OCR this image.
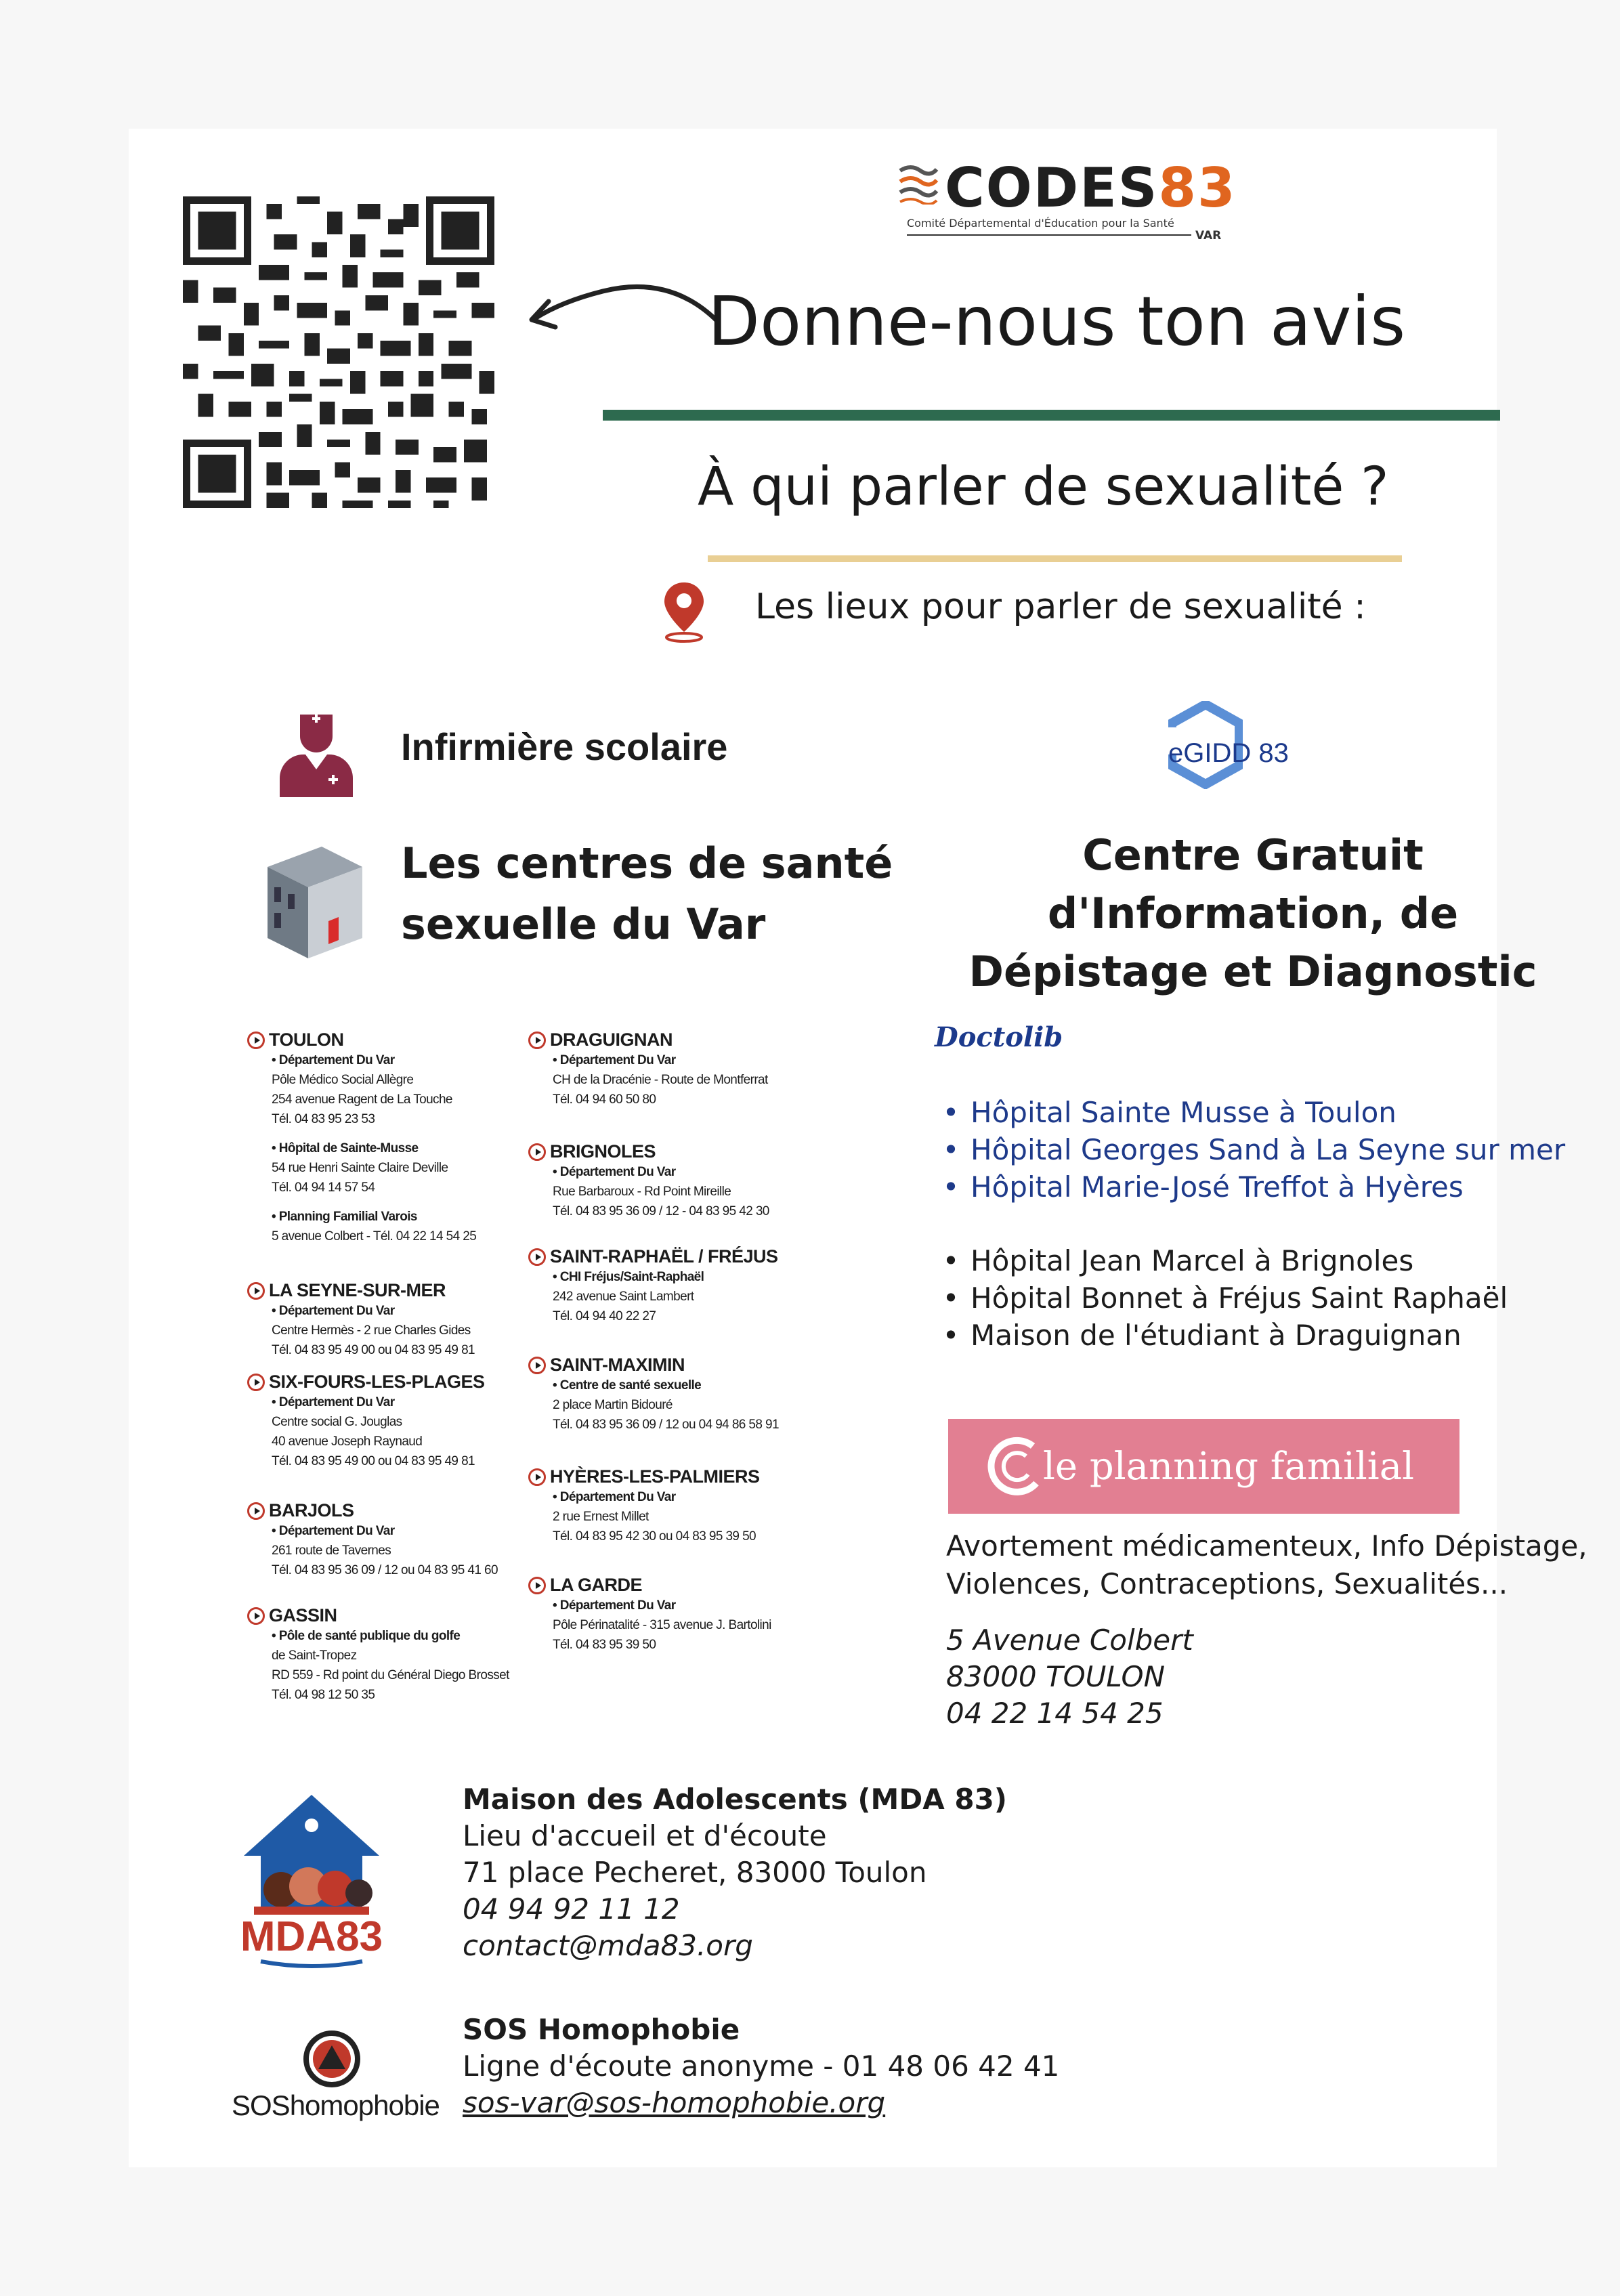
CODES83
Comité Départemental d'Éducation pour la Santé
VAR
Donne-nous ton avis
À qui parler de sexualité ?
Les lieux pour parler de sexualité :
Infirmière scolaire
Les centres de santé
sexuelle du Var
TOULON
• Département Du Var
Pôle Médico Social Allègre
254 avenue Ragent de La Touche
Tél. 04 83 95 23 53
• Hôpital de Sainte-Musse
54 rue Henri Sainte Claire Deville
Tél. 04 94 14 57 54
• Planning Familial Varois
5 avenue Colbert - Tél. 04 22 14 54 25
LA SEYNE-SUR-MER
• Département Du Var
Centre Hermès - 2 rue Charles Gides
Tél. 04 83 95 49 00 ou 04 83 95 49 81
SIX-FOURS-LES-PLAGES
• Département Du Var
Centre social G. Jouglas
40 avenue Joseph Raynaud
Tél. 04 83 95 49 00 ou 04 83 95 49 81
BARJOLS
• Département Du Var
261 route de Tavernes
Tél. 04 83 95 36 09 / 12 ou 04 83 95 41 60
GASSIN
• Pôle de santé publique du golfe
de Saint-Tropez
RD 559 - Rd point du Général Diego Brosset
Tél. 04 98 12 50 35
DRAGUIGNAN
• Département Du Var
CH de la Dracénie - Route de Montferrat
Tél. 04 94 60 50 80
BRIGNOLES
• Département Du Var
Rue Barbaroux - Rd Point Mireille
Tél. 04 83 95 36 09 / 12 - 04 83 95 42 30
SAINT-RAPHAËL / FRÉJUS
• CHI Fréjus/Saint-Raphaël
242 avenue Saint Lambert
Tél. 04 94 40 22 27
SAINT-MAXIMIN
• Centre de santé sexuelle
2 place Martin Bidouré
Tél. 04 83 95 36 09 / 12 ou 04 94 86 58 91
HYÈRES-LES-PALMIERS
• Département Du Var
2 rue Ernest Millet
Tél. 04 83 95 42 30 ou 04 83 95 39 50
LA GARDE
• Département Du Var
Pôle Périnatalité - 315 avenue J. Bartolini
Tél. 04 83 95 39 50
eGIDD 83
Centre Gratuit
d'Information, de
Dépistage et Diagnostic
Doctolib
• Hôpital Sainte Musse à Toulon
• Hôpital Georges Sand à La Seyne sur mer
• Hôpital Marie-José Treffot à Hyères
• Hôpital Jean Marcel à Brignoles
• Hôpital Bonnet à Fréjus Saint Raphaël
• Maison de l'étudiant à Draguignan
le planning familial
Avortement médicamenteux, Info Dépistage,
Violences, Contraceptions, Sexualités...
5 Avenue Colbert
83000 TOULON
04 22 14 54 25
MDA83
Maison des Adolescents (MDA 83)
Lieu d'accueil et d'écoute
71 place Pecheret, 83000 Toulon
04 94 92 11 12
contact@mda83.org
SOShomophobie
SOS Homophobie
Ligne d'écoute anonyme - 01 48 06 42 41
sos-var@sos-homophobie.org
